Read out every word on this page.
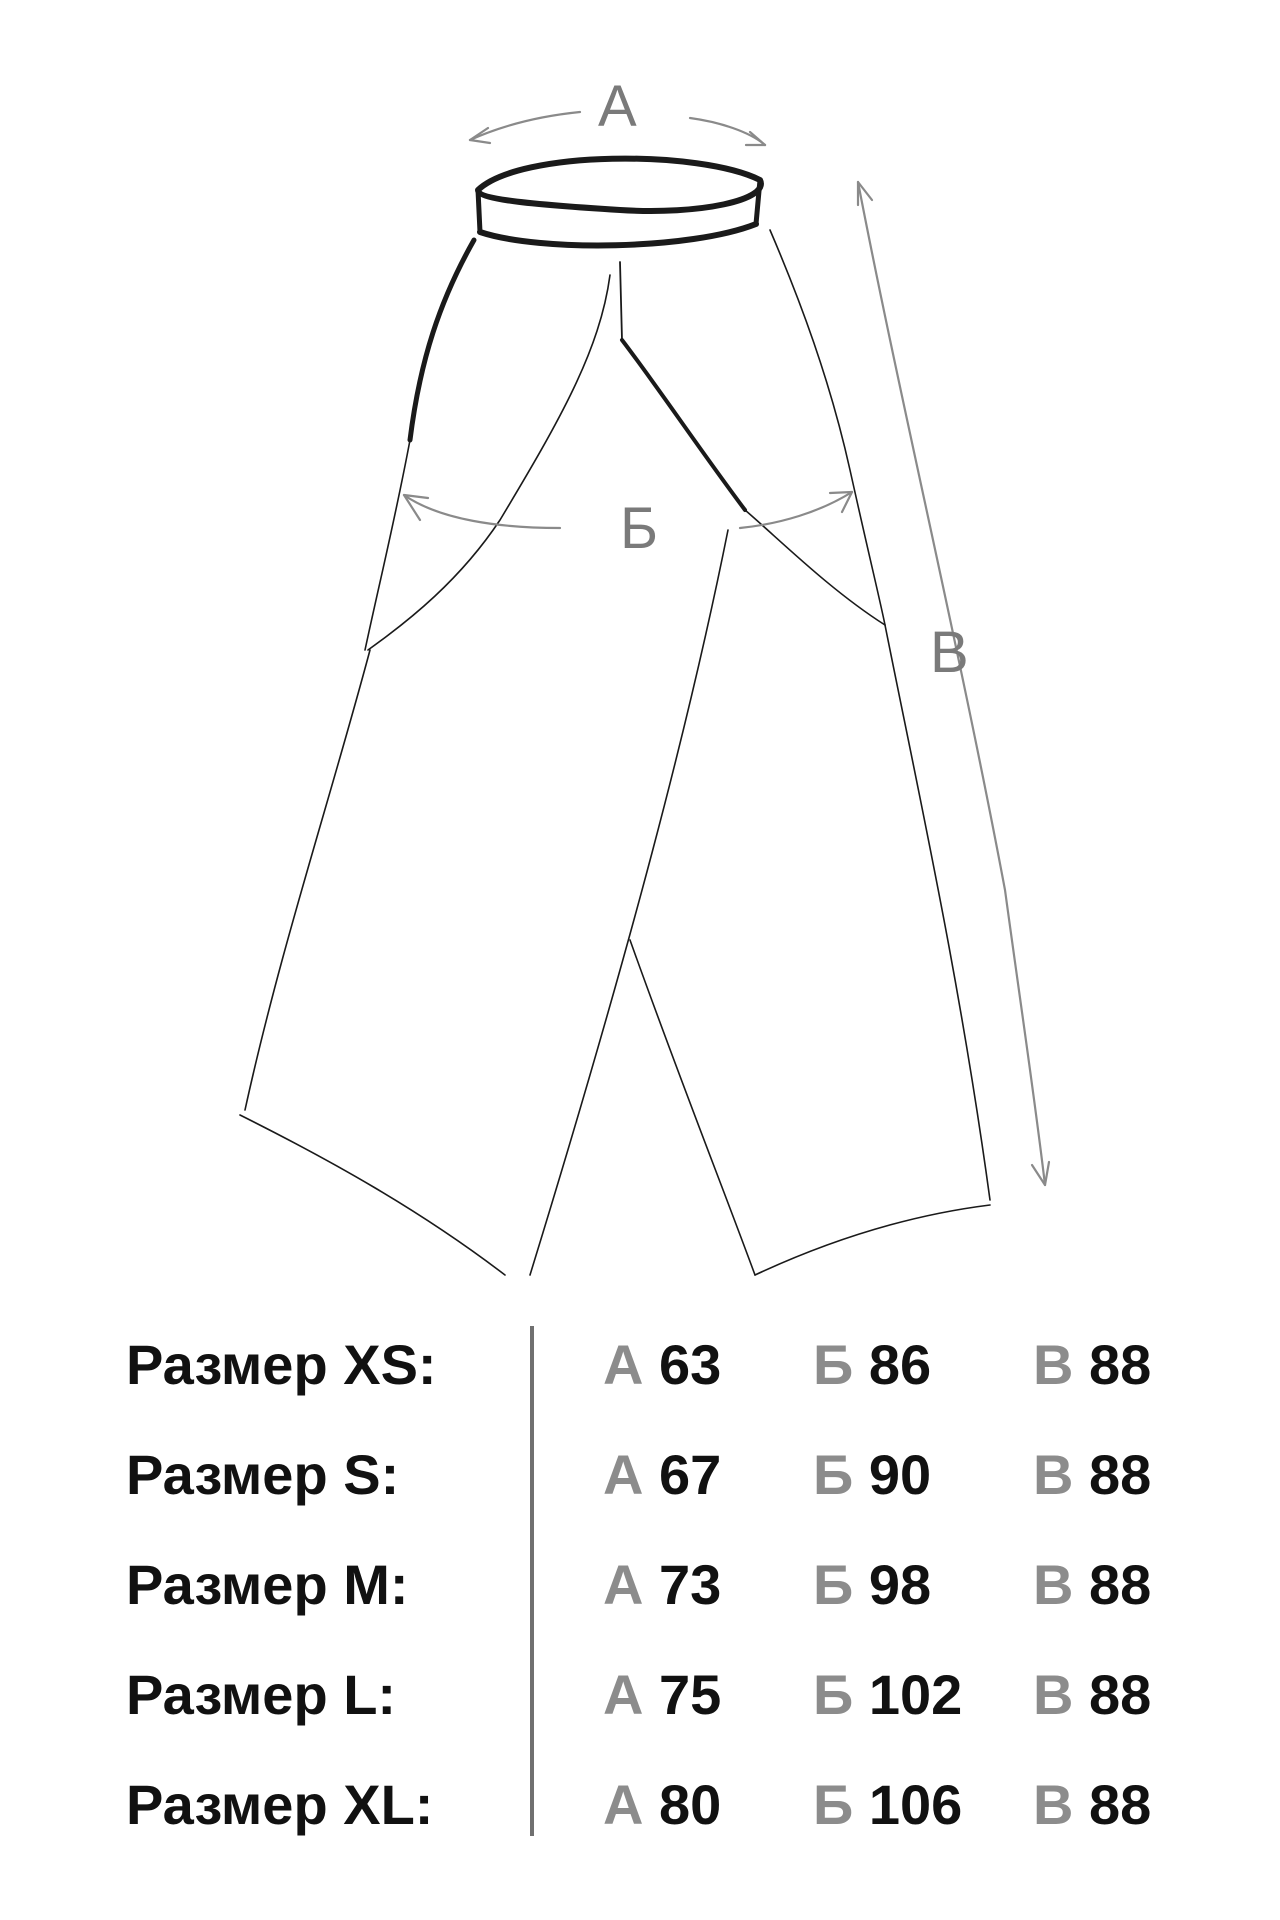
А
Б
В
Размер XS:	А 63 Б 86 В 88
Размер S:	А 67 Б 90 В 88
Размер M:	А 73 Б 98 В 88
Размер L:	А 75 Б 102 В 88
Размер XL:	А 80 Б 106 В 88
